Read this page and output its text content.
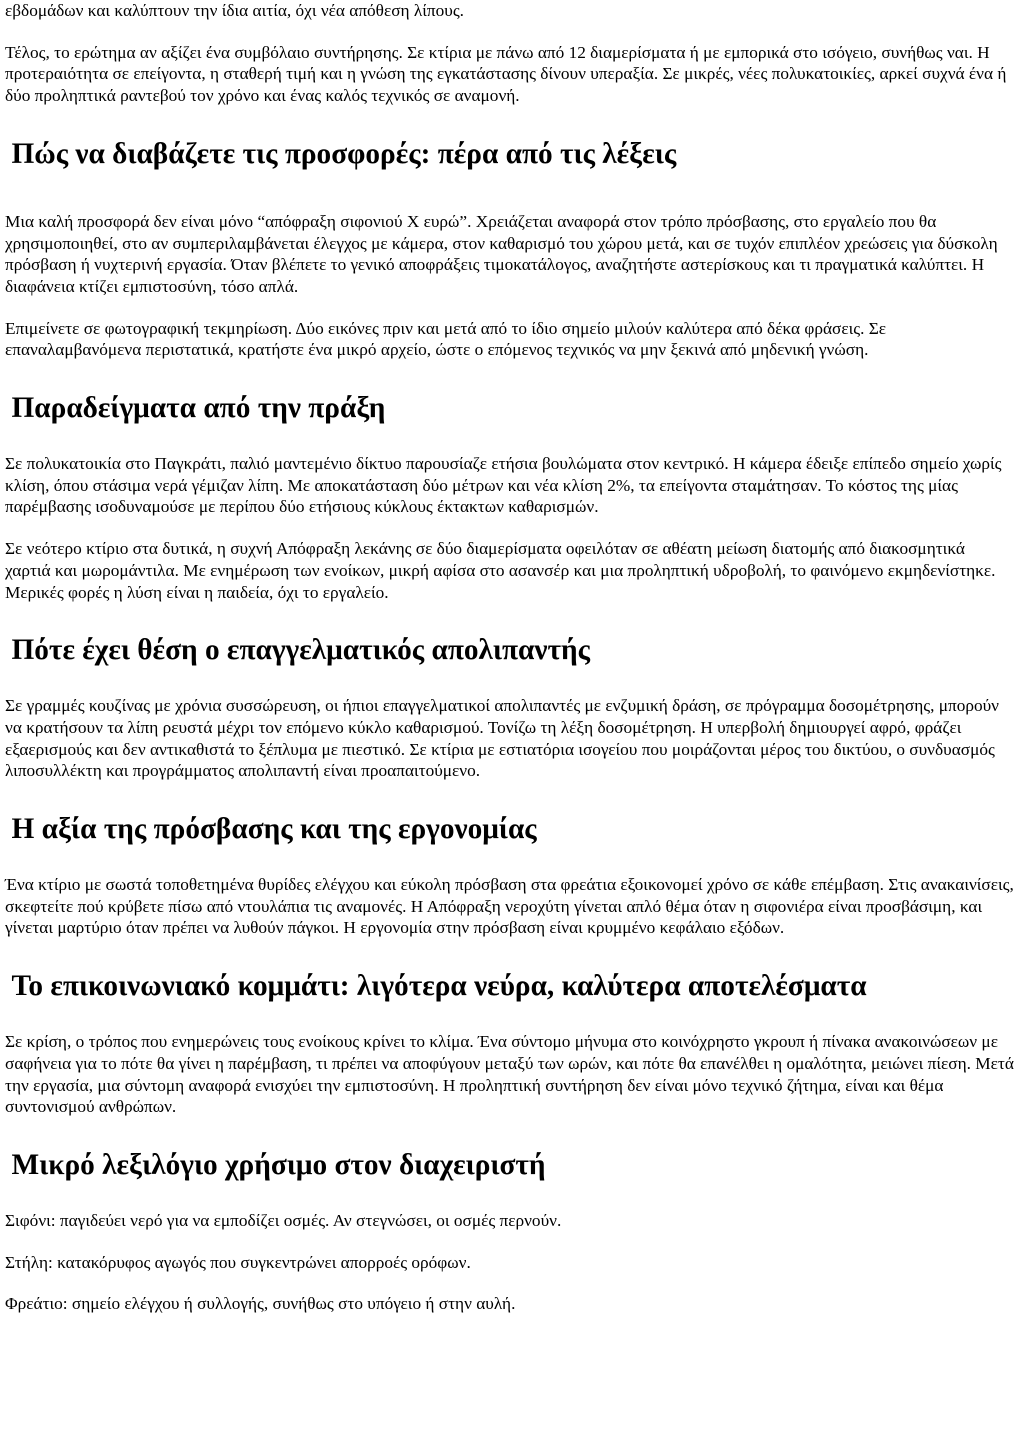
εβδομάδων και καλύπτουν την ίδια αιτία, όχι νέα απόθεση λίπους.

Τέλος, το ερώτημα αν αξίζει ένα συμβόλαιο συντήρησης. Σε κτίρια με πάνω από 12 διαμερίσματα ή με εμπορικά στο ισόγειο, συνήθως ναι. Η προτεραιότητα σε επείγοντα, η σταθερή τιμή και η γνώση της εγκατάστασης δίνουν υπεραξία. Σε μικρές, νέες πολυκατοικίες, αρκεί συχνά ένα ή δύο προληπτικά ραντεβού τον χρόνο και ένας καλός τεχνικός σε αναμονή.

Πώς να διαβάζετε τις προσφορές: πέρα από τις λέξεις

Μια καλή προσφορά δεν είναι μόνο “απόφραξη σιφονιού X ευρώ”. Χρειάζεται αναφορά στον τρόπο πρόσβασης, στο εργαλείο που θα χρησιμοποιηθεί, στο αν συμπεριλαμβάνεται έλεγχος με κάμερα, στον καθαρισμό του χώρου μετά, και σε τυχόν επιπλέον χρεώσεις για δύσκολη πρόσβαση ή νυχτερινή εργασία. Όταν βλέπετε το γενικό αποφράξεις τιμοκατάλογος, αναζητήστε αστερίσκους και τι πραγματικά καλύπτει. Η διαφάνεια κτίζει εμπιστοσύνη, τόσο απλά.

Επιμείνετε σε φωτογραφική τεκμηρίωση. Δύο εικόνες πριν και μετά από το ίδιο σημείο μιλούν καλύτερα από δέκα φράσεις. Σε επαναλαμβανόμενα περιστατικά, κρατήστε ένα μικρό αρχείο, ώστε ο επόμενος τεχνικός να μην ξεκινά από μηδενική γνώση.

Παραδείγματα από την πράξη

Σε πολυκατοικία στο Παγκράτι, παλιό μαντεμένιο δίκτυο παρουσίαζε ετήσια βουλώματα στον κεντρικό. Η κάμερα έδειξε επίπεδο σημείο χωρίς κλίση, όπου στάσιμα νερά γέμιζαν λίπη. Με αποκατάσταση δύο μέτρων και νέα κλίση 2%, τα επείγοντα σταμάτησαν. Το κόστος της μίας παρέμβασης ισοδυναμούσε με περίπου δύο ετήσιους κύκλους έκτακτων καθαρισμών.

Σε νεότερο κτίριο στα δυτικά, η συχνή Απόφραξη λεκάνης σε δύο διαμερίσματα οφειλόταν σε αθέατη μείωση διατομής από διακοσμητικά χαρτιά και μωρομάντιλα. Με ενημέρωση των ενοίκων, μικρή αφίσα στο ασανσέρ και μια προληπτική υδροβολή, το φαινόμενο εκμηδενίστηκε. Μερικές φορές η λύση είναι η παιδεία, όχι το εργαλείο.

Πότε έχει θέση ο επαγγελματικός απολιπαντής

Σε γραμμές κουζίνας με χρόνια συσσώρευση, οι ήπιοι επαγγελματικοί απολιπαντές με ενζυμική δράση, σε πρόγραμμα δοσομέτρησης, μπορούν να κρατήσουν τα λίπη ρευστά μέχρι τον επόμενο κύκλο καθαρισμού. Τονίζω τη λέξη δοσομέτρηση. Η υπερβολή δημιουργεί αφρό, φράζει εξαερισμούς και δεν αντικαθιστά το ξέπλυμα με πιεστικό. Σε κτίρια με εστιατόρια ισογείου που μοιράζονται μέρος του δικτύου, ο συνδυασμός λιποσυλλέκτη και προγράμματος απολιπαντή είναι προαπαιτούμενο.

Η αξία της πρόσβασης και της εργονομίας

Ένα κτίριο με σωστά τοποθετημένα θυρίδες ελέγχου και εύκολη πρόσβαση στα φρεάτια εξοικονομεί χρόνο σε κάθε επέμβαση. Στις ανακαινίσεις, σκεφτείτε πού κρύβετε πίσω από ντουλάπια τις αναμονές. Η Απόφραξη νεροχύτη γίνεται απλό θέμα όταν η σιφονιέρα είναι προσβάσιμη, και γίνεται μαρτύριο όταν πρέπει να λυθούν πάγκοι. Η εργονομία στην πρόσβαση είναι κρυμμένο κεφάλαιο εξόδων.

Το επικοινωνιακό κομμάτι: λιγότερα νεύρα, καλύτερα αποτελέσματα

Σε κρίση, ο τρόπος που ενημερώνεις τους ενοίκους κρίνει το κλίμα. Ένα σύντομο μήνυμα στο κοινόχρηστο γκρουπ ή πίνακα ανακοινώσεων με σαφήνεια για το πότε θα γίνει η παρέμβαση, τι πρέπει να αποφύγουν μεταξύ των ωρών, και πότε θα επανέλθει η ομαλότητα, μειώνει πίεση. Μετά την εργασία, μια σύντομη αναφορά ενισχύει την εμπιστοσύνη. Η προληπτική συντήρηση δεν είναι μόνο τεχνικό ζήτημα, είναι και θέμα συντονισμού ανθρώπων.

Μικρό λεξιλόγιο χρήσιμο στον διαχειριστή

Σιφόνι: παγιδεύει νερό για να εμποδίζει οσμές. Αν στεγνώσει, οι οσμές περνούν.

Στήλη: κατακόρυφος αγωγός που συγκεντρώνει απορροές ορόφων.

Φρεάτιο: σημείο ελέγχου ή συλλογής, συνήθως στο υπόγειο ή στην αυλή.
